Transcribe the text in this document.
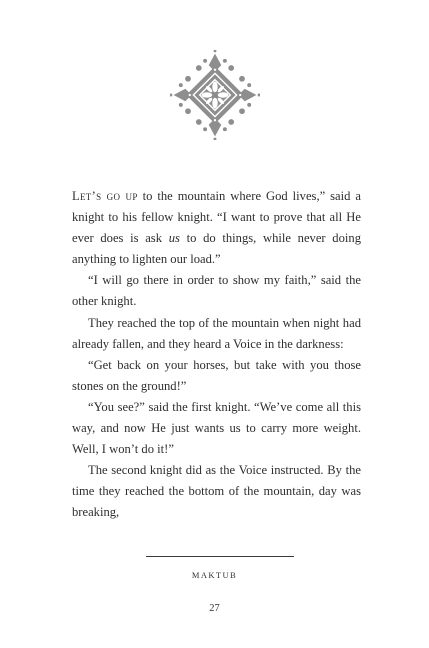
Let’s go up to the mountain where God lives,” said a knight to his fellow knight. “I want to prove that all He ever does is ask us to do things, while never doing anything to lighten our load.”

“I will go there in order to show my faith,” said the other knight.

They reached the top of the mountain when night had already fallen, and they heard a Voice in the darkness:

“Get back on your horses, but take with you those stones on the ground!”

“You see?” said the first knight. “We’ve come all this way, and now He just wants us to carry more weight. Well, I won’t do it!”

The second knight did as the Voice instructed. By the time they reached the bottom of the mountain, day was breaking,

MAKTUB
27
